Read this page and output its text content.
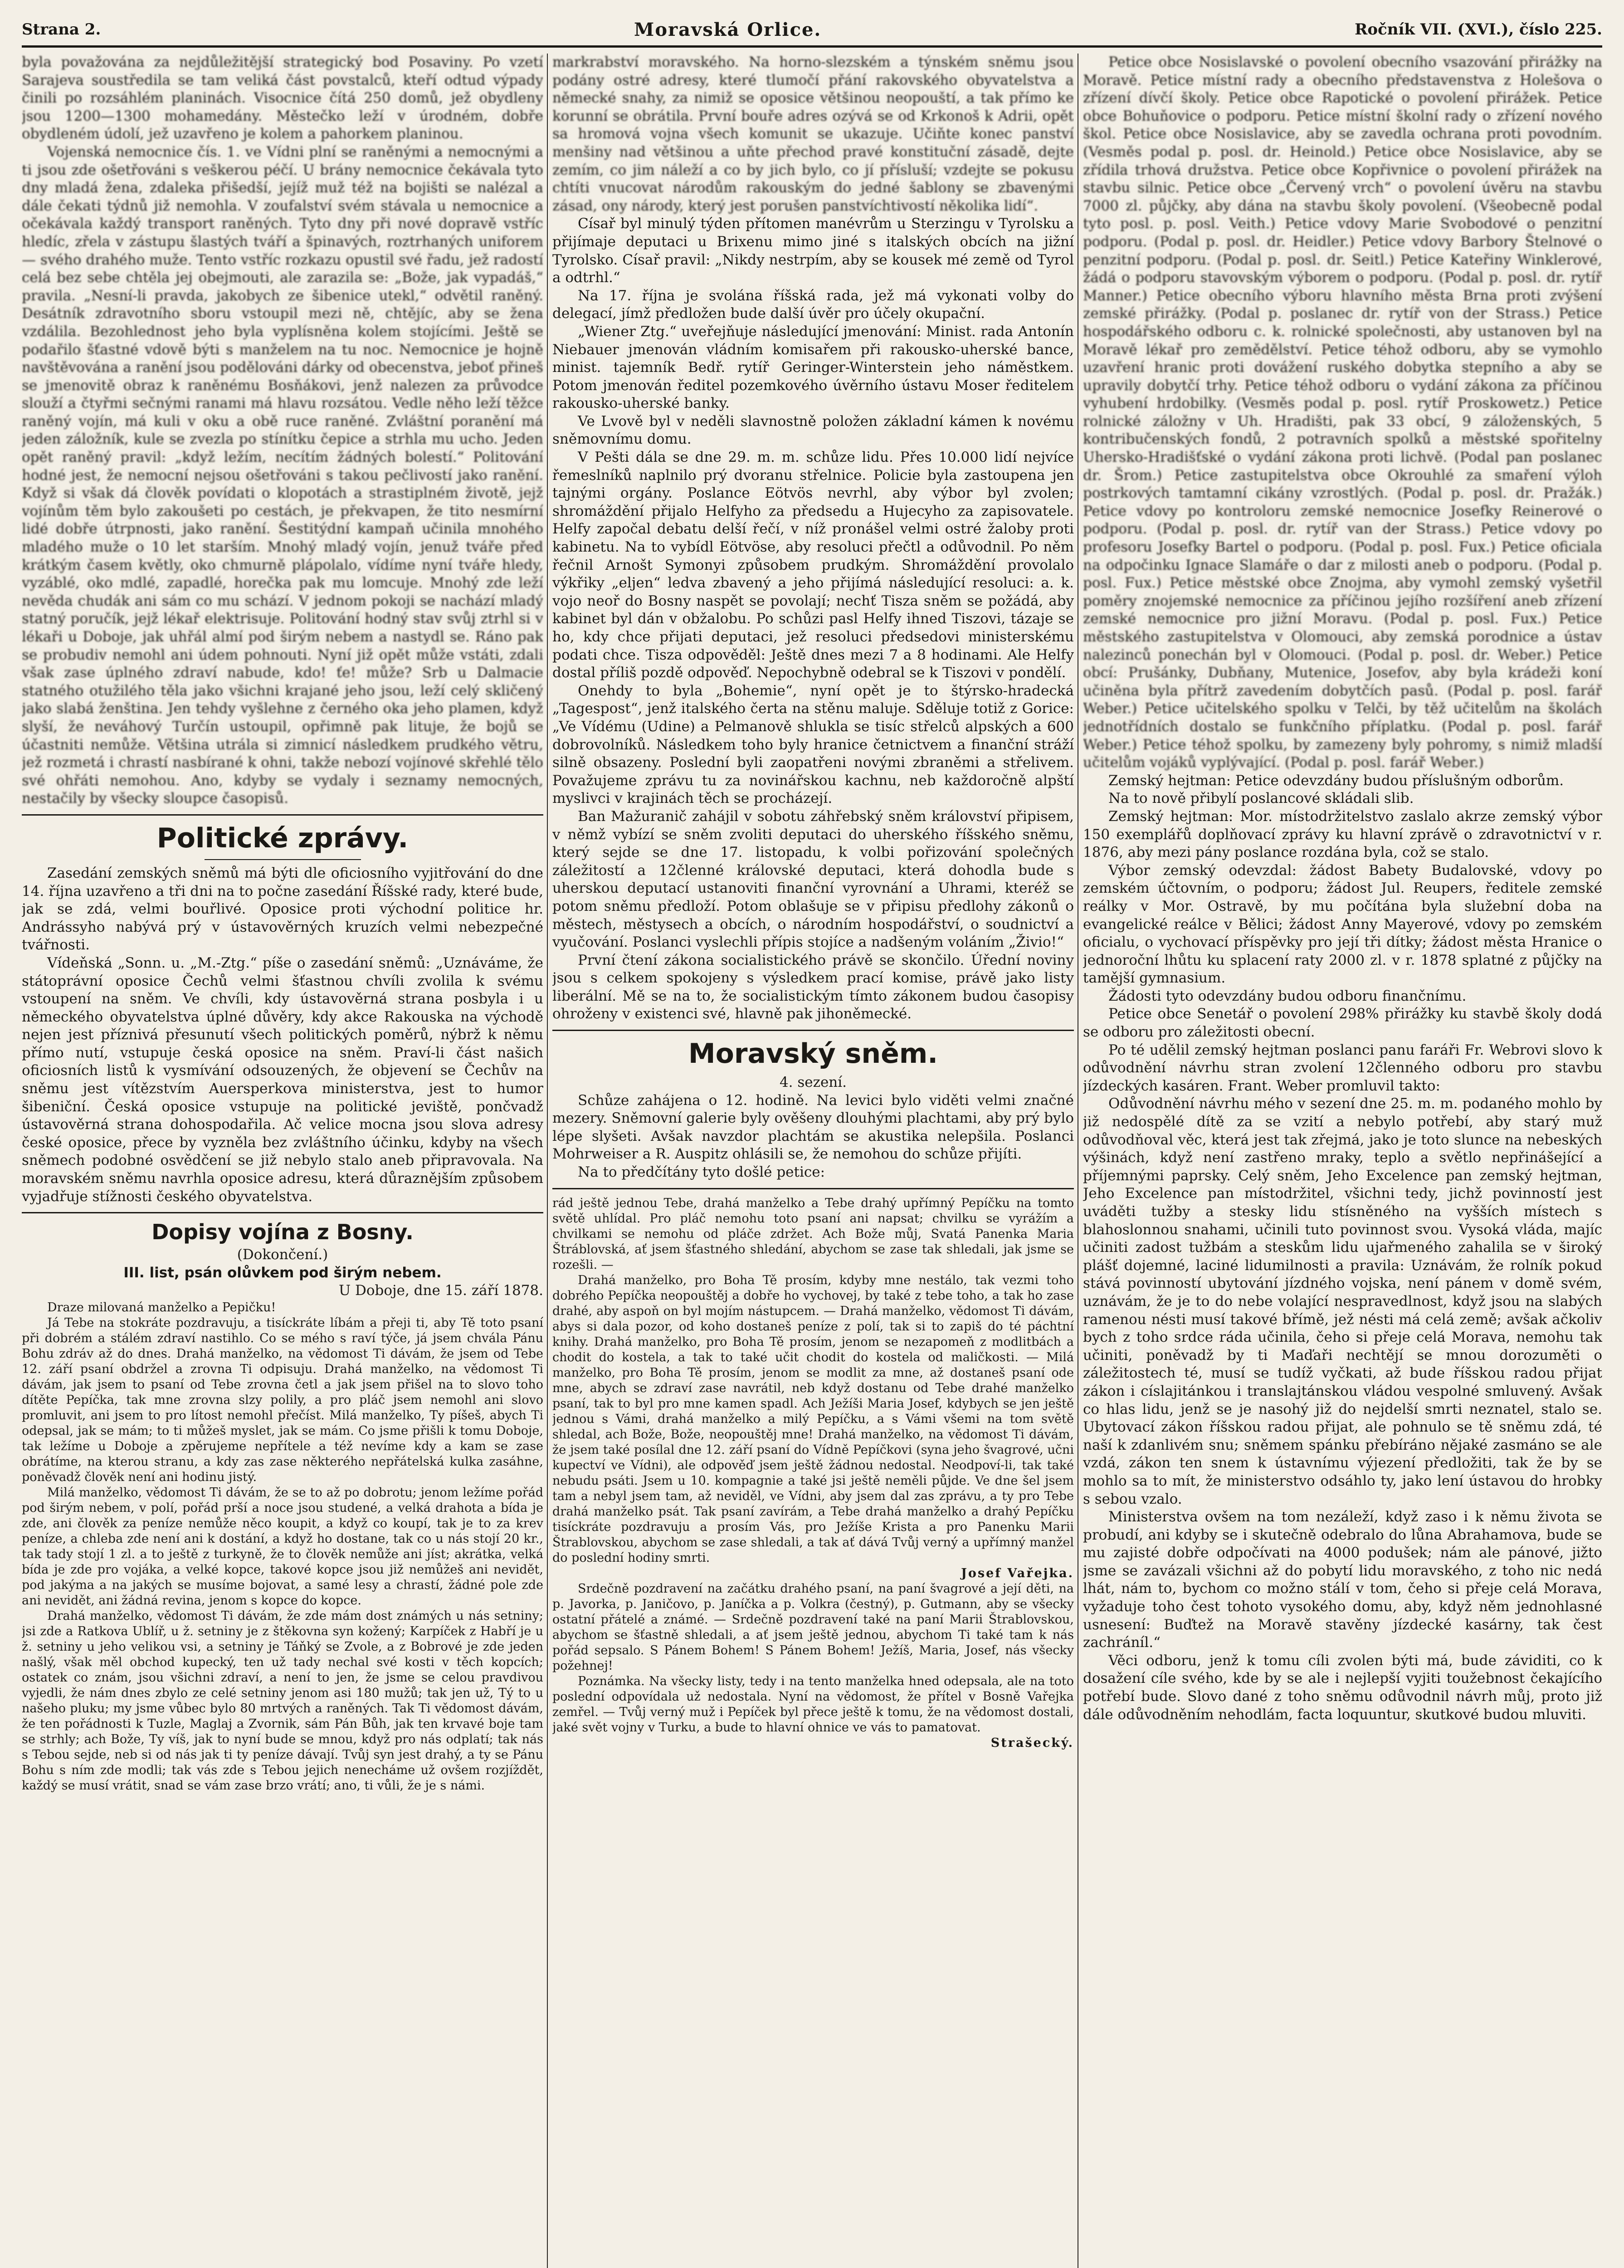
Strana 2.	Moravská Orlice.	Ročník VII. (XVI.), číslo 225.

byla považována za nejdůležitější strategický bod Posaviny. Po vzetí Sarajeva soustředila se tam veliká část povstalců, kteří odtud výpady činili po rozsáhlém planinách. Visocnice čítá 250 domů, jež obydleny jsou 1200—1300 mohamedány. Městečko leží v úrodném, dobře obydleném údolí, jež uzavřeno je kolem a pahorkem planinou.

Vojenská nemocnice čís. 1. ve Vídni plní se raněnými a nemocnými a ti jsou zde ošetřováni s veškerou péčí. U brány nemocnice čekávala tyto dny mladá žena, zdaleka přišedší, jejíž muž též na bojišti se nalézal a dále čekati týdnů již nemohla. V zoufalství svém stávala u nemocnice a očekávala každý transport raněných. Tyto dny při nové dopravě vstříc hledíc, zřela v zástupu šlastých tváří a špinavých, roztrhaných uniforem — svého drahého muže. Tento vstříc rozkazu opustil své řadu, jež radostí celá bez sebe chtěla jej obejmouti, ale zarazila se: „Bože, jak vypadáš,“ pravila. „Nesní-li pravda, jakobych ze šibenice utekl,“ odvětil raněný. Desátník zdravotního sboru vstoupil mezi ně, chtějíc, aby se žena vzdálila. Bezohlednost jeho byla vyplísněna kolem stojícími. Ještě se podařilo šťastné vdově býti s manželem na tu noc. Nemocnice je hojně navštěvována a ranění jsou podělováni dárky od obecenstva, jeboť přineš se jmenovitě obraz k raněnému Bosňákovi, jenž nalezen za průvodce slouží a čtyřmi sečnými ranami má hlavu rozsátou. Vedle něho leží těžce raněný vojín, má kuli v oku a obě ruce raněné. Zvláštní poranění má jeden záložník, kule se zvezla po stínítku čepice a strhla mu ucho. Jeden opět raněný pravil: „když ležím, necítím žádných bolestí.“ Politování hodné jest, že nemocní nejsou ošetřováni s takou pečlivostí jako ranění. Když si však dá člověk povídati o klopotách a strastiplném životě, jejž vojínům těm bylo zakoušeti po cestách, je překvapen, že tito nesmírní lidé dobře útrpnosti, jako ranění. Šestitýdní kampaň učinila mnohého mladého muže o 10 let starším. Mnohý mladý vojín, jenuž tváře před krátkým časem květly, oko chmurně plápolalo, vídíme nyní tváře hledy, vyzáblé, oko mdlé, zapadlé, horečka pak mu lomcuje. Mnohý zde leží nevěda chudák ani sám co mu schází. V jednom pokoji se nachází mladý statný poručík, jejž lékař elektrisuje. Politování hodný stav svůj ztrhl si v lékaři u Doboje, jak uhřál almí pod širým nebem a nastydl se. Ráno pak se probudiv nemohl ani údem pohnouti. Nyní již opět může vstáti, zdali však zase úplného zdraví nabude, kdo! ťe! může? Srb u Dalmacie statného otužilého těla jako všichni krajané jeho jsou, leží celý skličený jako slabá ženština. Jen tehdy vyšlehne z černého oka jeho plamen, když slyší, že neváhový Turčín ustoupil, opřimně pak lituje, že bojů se účastniti nemůže. Většina utrála si zimnicí následkem prudkého větru, jež rozmetá i chrastí nasbírané k ohni, takže nebozí vojínové skřehlé tělo své ohřáti nemohou. Ano, kdyby se vydaly i seznamy nemocných, nestačily by všecky sloupce časopisů.

Politické zprávy.

Zasedání zemských sněmů má býti dle oficiosního vyjitřování do dne 14. října uzavřeno a tři dni na to počne zasedání Říšské rady, které bude, jak se zdá, velmi bouřlivé. Oposice proti východní politice hr. Andrássyho nabývá prý v ústavověrných kruzích velmi nebezpečné tvářnosti.

Vídeňská „Sonn. u. „M.-Ztg.“ píše o zasedání sněmů: „Uznáváme, že státoprávní oposice Čechů velmi šťastnou chvíli zvolila k svému vstoupení na sněm. Ve chvíli, kdy ústavověrná strana posbyla i u německého obyvatelstva úplné důvěry, kdy akce Rakouska na východě nejen jest příznivá přesunutí všech politických poměrů, nýbrž k němu přímo nutí, vstupuje česká oposice na sněm. Praví-li část našich oficiosních listů k vysmívání odsouzených, že objevení se Čechův na sněmu jest vítězstvím Auersperkova ministerstva, jest to humor šibeniční. Česká oposice vstupuje na politické jeviště, pončvadž ústavověrná strana dohospodařila. Ač velice mocna jsou slova adresy české oposice, přece by vyzněla bez zvláštního účinku, kdyby na všech sněmech podobné osvědčení se již nebylo stalo aneb připravovala. Na moravském sněmu navrhla oposice adresu, která důraznějším způsobem vyjadřuje stížnosti českého obyvatelstva.

Dopisy vojína z Bosny.

(Dokončení.)

III. list, psán olůvkem pod širým nebem.

U Doboje, dne 15. září 1878.

Draze milovaná manželko a Pepičku!

Já Tebe na stokráte pozdravuju, a tisíckráte líbám a přeji ti, aby Tě toto psaní při dobrém a stálém zdraví nastihlo. Co se mého s raví týče, já jsem chvála Pánu Bohu zdráv až do dnes. Drahá manželko, na vědomost Ti dávám, že jsem od Tebe 12. září psaní obdržel a zrovna Ti odpisuju. Drahá manželko, na vědomost Ti dávám, jak jsem to psaní od Tebe zrovna četl a jak jsem přišel na to slovo toho dítěte Pepíčka, tak mne zrovna slzy polily, a pro pláč jsem nemohl ani slovo promluvit, ani jsem to pro lítost nemohl přečíst. Milá manželko, Ty píšeš, abych Ti odepsal, jak se mám; to ti můžeš myslet, jak se mám. Co jsme přišli k tomu Doboje, tak ležíme u Doboje a zpěrujeme nepřítele a též nevíme kdy a kam se zase obrátíme, na kterou stranu, a kdy zas zase některého nepřátelská kulka zasáhne, poněvadž člověk není ani hodinu jistý.

Milá manželko, vědomost Ti dávám, že se to až po dobrotu; jenom ležíme pořád pod širým nebem, v polí, pořád prší a noce jsou studené, a velká drahota a bída je zde, ani člověk za peníze nemůže něco koupit, a když co koupí, tak je to za krev peníze, a chleba zde není ani k dostání, a když ho dostane, tak co u nás stojí 20 kr., tak tady stojí 1 zl. a to ještě z turkyně, že to člověk nemůže ani jíst; akrátka, velká bída je zde pro vojáka, a velké kopce, takové kopce jsou již nemůžeš ani nevidět, pod jakýma a na jakých se musíme bojovat, a samé lesy a chrastí, žádné pole zde ani nevidět, ani žádná revina, jenom s kopce do kopce.

Drahá manželko, vědomost Ti dávám, že zde mám dost známých u nás setniny; jsi zde a Ratkova Ublíř, u ž. setniny je z štěkovna syn kožený; Karpíček z Habří je u ž. setniny u jeho velikou vsi, a setniny je Táňký se Zvole, a z Bobrové je zde jeden našlý, však měl obchod kupecký, ten už tady nechal své kosti v těch kopcích; ostatek co znám, jsou všichni zdraví, a není to jen, že jsme se celou pravdivou vyjedli, že nám dnes zbylo ze celé setniny jenom asi 180 mužů; tak jen už, Tý to u našeho pluku; my jsme vůbec bylo 80 mrtvých a raněných. Tak Ti vědomost dávám, že ten pořádnosti k Tuzle, Maglaj a Zvornik, sám Pán Bůh, jak ten krvavé boje tam se strhly; ach Bože, Ty víš, jak to nyní bude se mnou, když pro nás odplatí; tak nás s Tebou sejde, neb si od nás jak ti ty peníze dávají. Tvůj syn jest drahý, a ty se Pánu Bohu s ním zde modli; tak vás zde s Tebou jejich nenecháme už ovšem rozjíždět, každý se musí vrátit, snad se vám zase brzo vrátí; ano, ti vůli, že je s námi.

markrabství moravského. Na horno-slezském a týnském sněmu jsou podány ostré adresy, které tlumočí přání rakovského obyvatelstva a německé snahy, za nimiž se oposice většinou neopouští, a tak přímo ke korunní se obrátila. První bouře adres ozývá se od Krkonoš k Adrii, opět sa hromová vojna všech komunit se ukazuje. Učiňte konec panství menšiny nad většinou a uňte přechod pravé konstituční zásadě, dejte zemím, co jim náleží a co by jich bylo, co jí přísluší; vzdejte se pokusu chtíti vnucovat národům rakouským do jedné šablony se zbavenými zásad, ony národy, který jest porušen panstvíchtivostí několika lidí“.

Císař byl minulý týden přítomen manévrům u Sterzingu v Tyrolsku a přijímaje deputaci u Brixenu mimo jiné s italských obcích na jižní Tyrolsko. Císař pravil: „Nikdy nestrpím, aby se kousek mé země od Tyrol a odtrhl.“

Na 17. října je svolána říšská rada, jež má vykonati volby do delegací, jímž předložen bude další úvěr pro účely okupační.

„Wiener Ztg.“ uveřejňuje následující jmenování: Minist. rada Antonín Niebauer jmenován vládním komisařem při rakousko-uherské bance, minist. tajemník Bedř. rytíř Geringer-Winterstein jeho náměstkem. Potom jmenován ředitel pozemkového úvěrního ústavu Moser ředitelem rakousko-uherské banky.

Ve Lvově byl v neděli slavnostně položen základní kámen k novému sněmovnímu domu.

V Pešti dála se dne 29. m. m. schůze lidu. Přes 10.000 lidí nejvíce řemeslníků naplnilo prý dvoranu střelnice. Policie byla zastoupena jen tajnými orgány. Poslance Eötvös nevrhl, aby výbor byl zvolen; shromáždění přijalo Helfyho za předsedu a Hujecyho za zapisovatele. Helfy započal debatu delší řečí, v níž pronášel velmi ostré žaloby proti kabinetu. Na to vybídl Eötvöse, aby resoluci přečtl a odůvodnil. Po něm řečnil Arnošt Symonyi způsobem prudkým. Shromáždění provolalo výkřiky „eljen“ ledva zbavený a jeho přijímá následující resoluci: a. k. vojo neoř do Bosny naspět se povolají; nechť Tisza sněm se požádá, aby kabinet byl dán v obžalobu. Po schůzi pasl Helfy ihned Tiszovi, tázaje se ho, kdy chce přijati deputaci, jež resoluci předsedovi ministerskému podati chce. Tisza odpověděl: Ještě dnes mezi 7 a 8 hodinami. Ale Helfy dostal příliš pozdě odpověď. Nepochybně odebral se k Tiszovi v pondělí.

Onehdy to byla „Bohemie“, nyní opět je to štýrsko-hradecká „Tagespost“, jenž italského čerta na stěnu maluje. Sděluje totiž z Gorice: „Ve Vídému (Udine) a Pelmanově shlukla se tisíc střelců alpských a 600 dobrovolníků. Následkem toho byly hranice četnictvem a finanční stráží silně obsazeny. Poslední byli zaopatřeni novými zbraněmi a střelivem. Považujeme zprávu tu za novinářskou kachnu, neb každoročně alpští myslivci v krajinách těch se procházejí.

Ban Mažuranič zahájil v sobotu záhřebský sněm království připisem, v němž vybízí se sněm zvoliti deputaci do uherského říšského sněmu, který sejde se dne 17. listopadu, k volbi pořizování společných záležitostí a 12členné královské deputaci, která dohodla bude s uherskou deputací ustanoviti finanční vyrovnání a Uhrami, kteréž se potom sněmu předloží. Potom oblašuje se v připisu předlohy zákonů o městech, městysech a obcích, o národním hospodářství, o soudnictví a vyučování. Poslanci vyslechli přípis stojíce a nadšeným voláním „Živio!“

První čtení zákona socialistického právě se skončilo. Úřední noviny jsou s celkem spokojeny s výsledkem prací komise, právě jako listy liberální. Mě se na to, že socialistickým tímto zákonem budou časopisy ohroženy v existenci své, hlavně pak jihoněmecké.

Moravský sněm.

4. sezení.

Schůze zahájena o 12. hodině. Na levici bylo viděti velmi značné mezery. Sněmovní galerie byly ověšeny dlouhými plachtami, aby prý bylo lépe slyšeti. Avšak navzdor plachtám se akustika nelepšila. Poslanci Mohrweiser a R. Auspitz ohlásili se, že nemohou do schůze přijíti.

Na to předčítány tyto došlé petice:

rád ještě jednou Tebe, drahá manželko a Tebe drahý upřímný Pepíčku na tomto světě uhlídal. Pro pláč nemohu toto psaní ani napsat; chvilku se vyrážím a chvilkami se nemohu od pláče zdržet. Ach Bože můj, Svatá Panenka Maria Štráblovská, ať jsem šťastného shledání, abychom se zase tak shledali, jak jsme se rozešli. —

Drahá manželko, pro Boha Tě prosím, kdyby mne nestálo, tak vezmi toho dobrého Pepíčka neopouštěj a dobře ho vychovej, by také z tebe toho, a tak ho zase drahé, aby aspoň on byl mojím nástupcem. — Drahá manželko, vědomost Ti dávám, abys si dala pozor, od koho dostaneš peníze z polí, tak si to zapiš do té páchtní knihy. Drahá manželko, pro Boha Tě prosím, jenom se nezapomeň z modlitbách a chodit do kostela, a tak to také učit chodit do kostela od maličkosti. — Milá manželko, pro Boha Tě prosím, jenom se modlit za mne, až dostaneš psaní ode mne, abych se zdraví zase navrátil, neb když dostanu od Tebe drahé manželko psaní, tak to byl pro mne kamen spadl. Ach Ježíši Maria Josef, kdybych se jen ještě jednou s Vámi, drahá manželko a milý Pepíčku, a s Vámi všemi na tom světě shledal, ach Bože, Bože, neopouštěj mne! Drahá manželko, na vědomost Ti dávám, že jsem také posílal dne 12. září psaní do Vídně Pepíčkovi (syna jeho švagrové, učni kupectví ve Vídni), ale odpověď jsem ještě žádnou nedostal. Neodpoví-li, tak také nebudu psáti. Jsem u 10. kompagnie a také jsi ještě neměli půjde. Ve dne šel jsem tam a nebyl jsem tam, až neviděl, ve Vídni, aby jsem dal zas zprávu, a ty pro Tebe drahá manželko psát. Tak psaní zavírám, a Tebe drahá manželko a drahý Pepíčku tisíckráte pozdravuju a prosím Vás, pro Ježíše Krista a pro Panenku Marii Štrablovskou, abychom se zase shledali, a tak ať dává Tvůj verný a upřímný manžel do poslední hodiny smrti.

Josef Vařejka.

Srdečně pozdravení na začátku drahého psaní, na paní švagrové a její děti, na p. Javorka, p. Janičovo, p. Janíčka a p. Volkra (čestný), p. Gutmann, aby se všecky ostatní přátelé a známé. — Srdečně pozdravení také na paní Marii Štrablovskou, abychom se šťastně shledali, a ať jsem ještě jednou, abychom Ti také tam k nás pořád sepsalo. S Pánem Bohem! S Pánem Bohem! Ježíš, Maria, Josef, nás všecky požehnej!

Poznámka. Na všecky listy, tedy i na tento manželka hned odepsala, ale na toto poslední odpovídala už nedostala. Nyní na vědomost, že přítel v Bosně Vařejka zemřel. — Tvůj verný muž i Pepíček byl přece ještě k tomu, že na vědomost dostali, jaké svět vojny v Turku, a bude to hlavní ohnice ve vás to pamatovat.

Strašecký.

Petice obce Nosislavské o povolení obecního vsazování přirážky na Moravě. Petice místní rady a obecního představenstva z Holešova o zřízení dívčí školy. Petice obce Rapotické o povolení přirážek. Petice obce Bohuňovice o podporu. Petice místní školní rady o zřízení nového škol. Petice obce Nosislavice, aby se zavedla ochrana proti povodním. (Vesměs podal p. posl. dr. Heinold.) Petice obce Nosislavice, aby se zřídila trhová družstva. Petice obce Kopřivnice o povolení přirážek na stavbu silnic. Petice obce „Červený vrch“ o povolení úvěru na stavbu 7000 zl. půjčky, aby dána na stavbu školy povolení. (Všeobecně podal tyto posl. p. posl. Veith.) Petice vdovy Marie Svobodové o penzitní podporu. (Podal p. posl. dr. Heidler.) Petice vdovy Barbory Štelnové o penzitní podporu. (Podal p. posl. dr. Seitl.) Petice Kateřiny Winklerové, žádá o podporu stavovským výborem o podporu. (Podal p. posl. dr. rytíř Manner.) Petice obecního výboru hlavního města Brna proti zvýšení zemské přirážky. (Podal p. poslanec dr. rytíř von der Strass.) Petice hospodářského odboru c. k. rolnické společnosti, aby ustanoven byl na Moravě lékař pro zemědělství. Petice téhož odboru, aby se vymohlo uzavření hranic proti dovážení ruského dobytka stepního a aby se upravily dobytčí trhy. Petice téhož odboru o vydání zákona za příčinou vyhubení hrdobilky. (Vesměs podal p. posl. rytíř Proskowetz.) Petice rolnické záložny v Uh. Hradišti, pak 33 obcí, 9 záloženských, 5 kontribučenských fondů, 2 potravních spolků a městské spořitelny Uhersko-Hradišťské o vydání zákona proti lichvě. (Podal pan poslanec dr. Šrom.) Petice zastupitelstva obce Okrouhlé za smaření výloh postrkových tamtamní cikány vzrostlých. (Podal p. posl. dr. Pražák.) Petice vdovy po kontroloru zemské nemocnice Josefky Reinerové o podporu. (Podal p. posl. dr. rytíř van der Strass.) Petice vdovy po profesoru Josefky Bartel o podporu. (Podal p. posl. Fux.) Petice oficiala na odpočinku Ignace Slamáře o dar z milosti aneb o podporu. (Podal p. posl. Fux.) Petice městské obce Znojma, aby vymohl zemský vyšetřil poměry znojemské nemocnice za příčinou jejího rozšíření aneb zřízení zemské nemocnice pro jižní Moravu. (Podal p. posl. Fux.) Petice městského zastupitelstva v Olomouci, aby zemská porodnice a ústav nalezinců ponechán byl v Olomouci. (Podal p. posl. dr. Weber.) Petice obcí: Prušánky, Dubňany, Mutenice, Josefov, aby byla krádeži koní učiněna byla přítrž zavedením dobytčích pasů. (Podal p. posl. farář Weber.) Petice učitelského spolku v Telči, by těž učitelům na školách jednotřídních dostalo se funkčního příplatku. (Podal p. posl. farář Weber.) Petice téhož spolku, by zamezeny byly pohromy, s nimiž mladší učitelům vojáků vyplývající. (Podal p. posl. farář Weber.)

Zemský hejtman: Petice odevzdány budou příslušným odborům.

Na to nově přibylí poslancové skládali slib.

Zemský hejtman: Mor. místodržitelstvo zaslalo akrze zemský výbor 150 exemplářů doplňovací zprávy ku hlavní zprávě o zdravotnictví v r. 1876, aby mezi pány poslance rozdána byla, což se stalo.

Výbor zemský odevzdal: žádost Babety Budalovské, vdovy po zemském účtovním, o podporu; žádost Jul. Reupers, ředitele zemské reálky v Mor. Ostravě, by mu počítána byla služební doba na evangelické reálce v Bělici; žádost Anny Mayerové, vdovy po zemském oficialu, o vychovací příspěvky pro její tři dítky; žádost města Hranice o jednoroční lhůtu ku splacení raty 2000 zl. v r. 1878 splatné z půjčky na tamější gymnasium.

Žádosti tyto odevzdány budou odboru finančnímu.

Petice obce Senetář o povolení 298% přirážky ku stavbě školy dodá se odboru pro záležitosti obecní.

Po té udělil zemský hejtman poslanci panu faráři Fr. Webrovi slovo k odůvodnění návrhu stran zvolení 12členného odboru pro stavbu jízdeckých kasáren. Frant. Weber promluvil takto:

Odůvodnění návrhu mého v sezení dne 25. m. m. podaného mohlo by již nedospělé dítě za se vzití a nebylo potřebí, aby starý muž odůvodňoval věc, která jest tak zřejmá, jako je toto slunce na nebeských výšinách, když není zastřeno mraky, teplo a světlo nepřinášející a příjemnými paprsky. Celý sněm, Jeho Excelence pan zemský hejtman, Jeho Excelence pan místodržitel, všichni tedy, jichž povinností jest uváděti tužby a stesky lidu stísněného na vyšších místech s blahoslonnou snahami, učinili tuto povinnost svou. Vysoká vláda, majíc učiniti zadost tužbám a steskům lidu ujařmeného zahalila se v široký plášť dojemné, laciné lidumilnosti a pravila: Uznávám, že rolník pokud stává povinností ubytování jízdného vojska, není pánem v domě svém, uznávám, že je to do nebe volající nespravedlnost, když jsou na slabých ramenou nésti musí takové břímě, jež nésti má celá země; avšak ačkoliv bych z toho srdce ráda učinila, čeho si přeje celá Morava, nemohu tak učiniti, poněvadž by ti Maďaři nechtějí se mnou dorozuměti o záležitostech té, musí se tudíž vyčkati, až bude říšskou radou přijat zákon i císlajitánkou i translajtánskou vládou vespolné smluvený. Avšak co hlas lidu, jenž se je nasohý již do nejdelší smrti neznatel, stalo se. Ubytovací zákon říšskou radou přijat, ale pohnulo se tě sněmu zdá, té naší k zdanlivém snu; sněmem spánku přebíráno nějaké zasmáno se ale vzdá, zákon ten snem k ústavnímu výjezení předložiti, tak že by se mohlo sa to mít, že ministerstvo odsáhlo ty, jako lení ústavou do hrobky s sebou vzalo.

Ministerstva ovšem na tom nezáleží, když zaso i k němu života se probudí, ani kdyby se i skutečně odebralo do lůna Abrahamova, bude se mu zajisté dobře odpočívati na 4000 podušek; nám ale pánové, jižto jsme se zavázali všichni až do pobytí lidu moravského, z toho nic nedá lhát, nám to, bychom co možno stálí v tom, čeho si přeje celá Morava, vyžaduje toho čest tohoto vysokého domu, aby, když něm jednohlasné usnesení: Buďtež na Moravě stavěny jízdecké kasárny, tak čest zachráníl.“

Věci odboru, jenž k tomu cíli zvolen býti má, bude záviditi, co k dosažení cíle svého, kde by se ale i nejlepší vyjiti toužebnost čekajícího potřebí bude. Slovo dané z toho sněmu odůvodnil návrh můj, proto již dále odůvodněním nehodlám, facta loquuntur, skutkové budou mluviti.
